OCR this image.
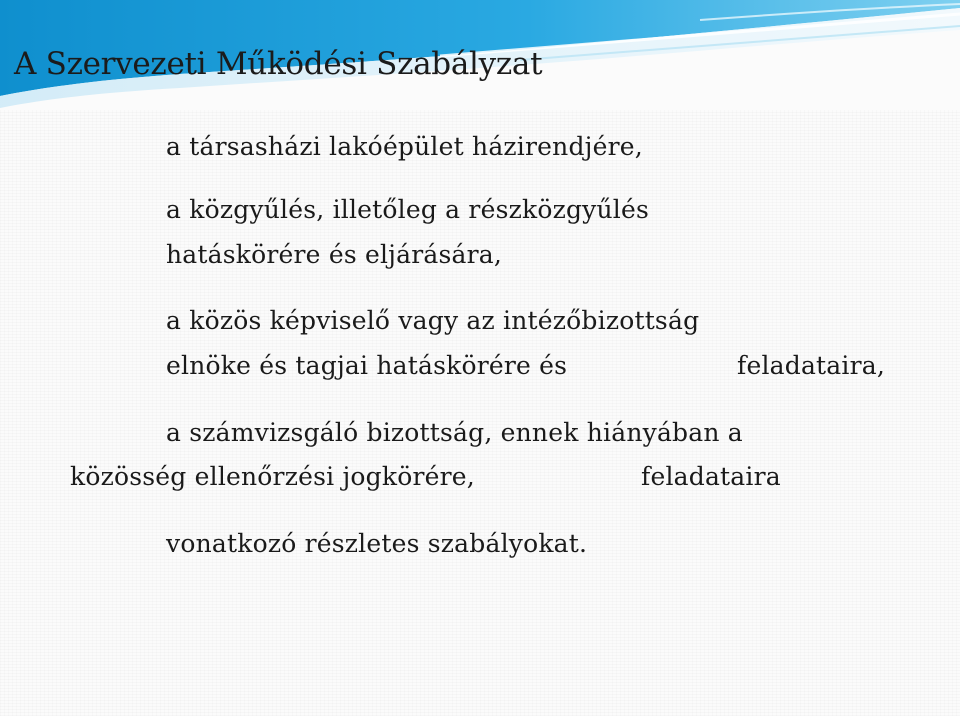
A Szervezeti Működési Szabályzat

a társasházi lakóépület házirendjére,

a közgyűlés, illetőleg a részközgyűlés

hatáskörére és eljárására,

a közös képviselő vagy az intézőbizottság

elnöke és tagjai hatáskörére és	feladataira,

a számvizsgáló bizottság, ennek hiányában a

közösség ellenőrzési jogkörére,	feladataira

vonatkozó részletes szabályokat.
